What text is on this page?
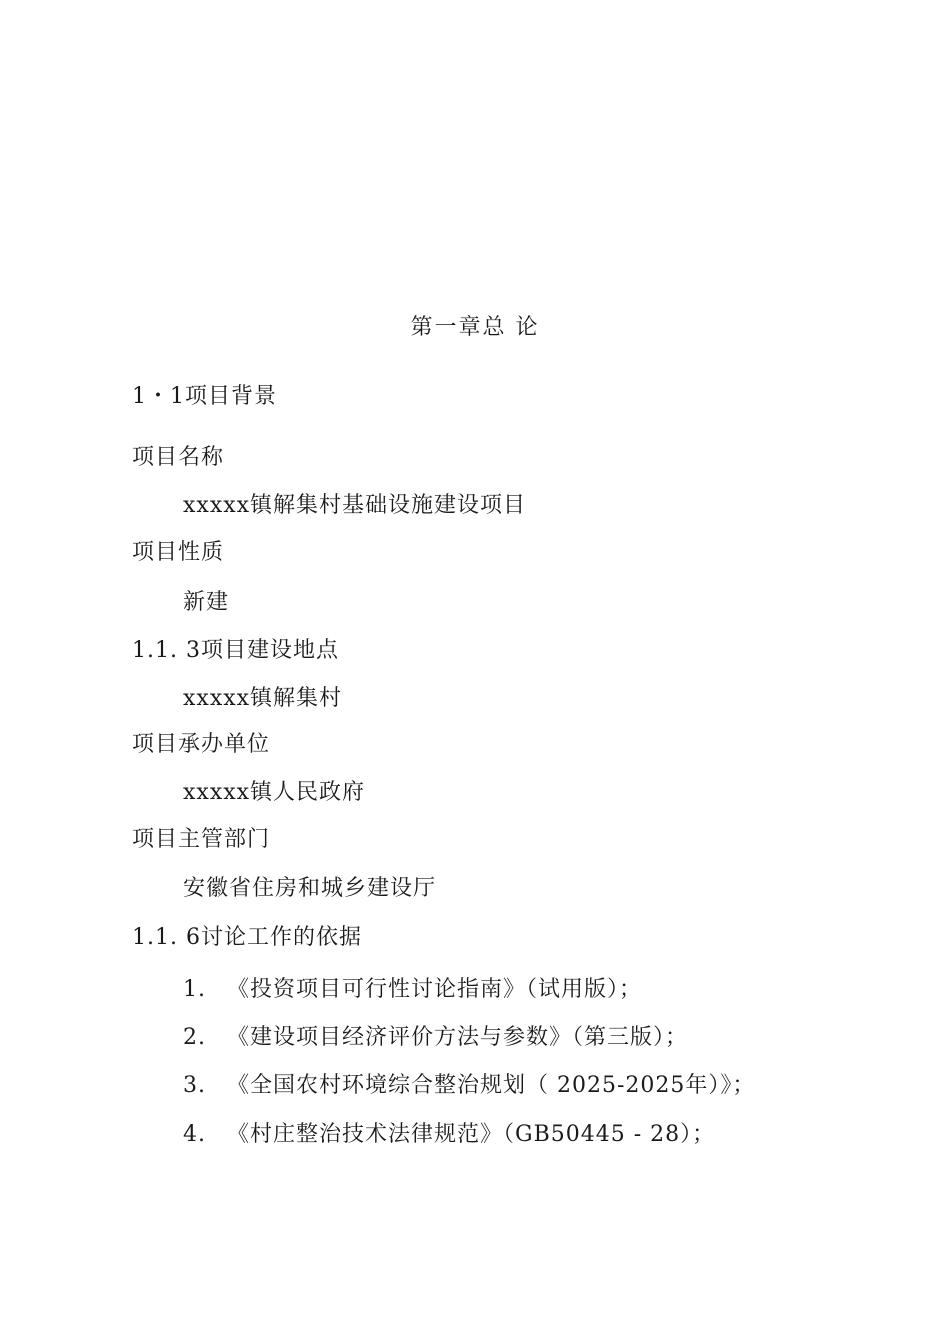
第一章总 论
1・1项目背景
项目名称
xxxxx镇解集村基础设施建设项目
项目性质
新建
1.1. 3项目建设地点
xxxxx镇解集村
项目承办单位
xxxxx镇人民政府
项目主管部门
安徽省住房和城乡建设厅
1.1. 6讨论工作的依据
1. 《投资项目可行性讨论指南》（试用版）；
2. 《建设项目经济评价方法与参数》（第三版）；
3. 《全国农村环境综合整治规划（ 2025-2025年）》；
4. 《村庄整治技术法律规范》（GB50445 - 28）；
